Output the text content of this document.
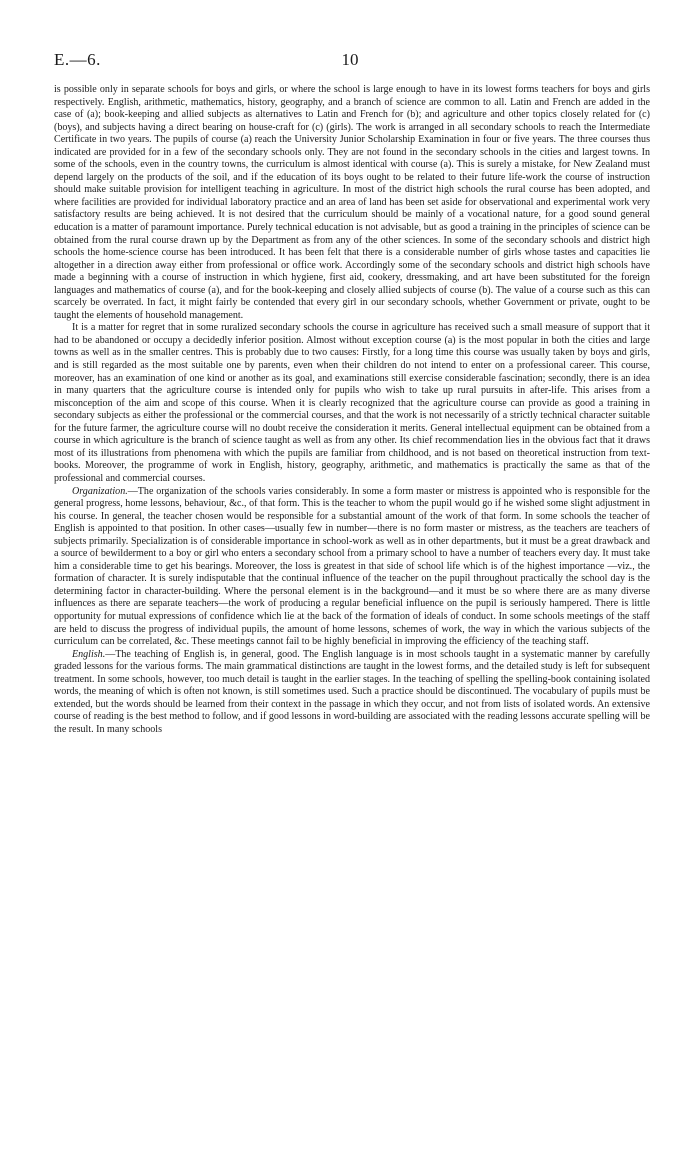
E.—6.	10

is possible only in separate schools for boys and girls, or where the school is large enough to have in its lowest forms teachers for boys and girls respectively. English, arithmetic, mathematics, history, geography, and a branch of science are common to all. Latin and French are added in the case of (a); book-keeping and allied subjects as alternatives to Latin and French for (b); and agriculture and other topics closely related for (c) (boys), and subjects having a direct bearing on house-craft for (c) (girls). The work is arranged in all secondary schools to reach the Intermediate Certificate in two years. The pupils of course (a) reach the University Junior Scholarship Examination in four or five years. The three courses thus indicated are provided for in a few of the secondary schools only. They are not found in the secondary schools in the cities and largest towns. In some of the schools, even in the country towns, the curriculum is almost identical with course (a). This is surely a mistake, for New Zealand must depend largely on the products of the soil, and if the education of its boys ought to be related to their future life-work the course of instruction should make suitable provision for intelligent teaching in agriculture. In most of the district high schools the rural course has been adopted, and where facilities are provided for individual laboratory practice and an area of land has been set aside for observational and experimental work very satisfactory results are being achieved. It is not desired that the curriculum should be mainly of a vocational nature, for a good sound general education is a matter of paramount importance. Purely technical education is not advisable, but as good a training in the principles of science can be obtained from the rural course drawn up by the Department as from any of the other sciences. In some of the secondary schools and district high schools the home-science course has been introduced. It has been felt that there is a considerable number of girls whose tastes and capacities lie altogether in a direction away either from professional or office work. Accordingly some of the secondary schools and district high schools have made a beginning with a course of instruction in which hygiene, first aid, cookery, dressmaking, and art have been substituted for the foreign languages and mathematics of course (a), and for the book-keeping and closely allied subjects of course (b). The value of a course such as this can scarcely be overrated. In fact, it might fairly be contended that every girl in our secondary schools, whether Government or private, ought to be taught the elements of household management.

It is a matter for regret that in some ruralized secondary schools the course in agriculture has received such a small measure of support that it had to be abandoned or occupy a decidedly inferior position. Almost without exception course (a) is the most popular in both the cities and large towns as well as in the smaller centres. This is probably due to two causes: Firstly, for a long time this course was usually taken by boys and girls, and is still regarded as the most suitable one by parents, even when their children do not intend to enter on a professional career. This course, moreover, has an examination of one kind or another as its goal, and examinations still exercise considerable fascination; secondly, there is an idea in many quarters that the agriculture course is intended only for pupils who wish to take up rural pursuits in after-life. This arises from a misconception of the aim and scope of this course. When it is clearly recognized that the agriculture course can provide as good a training in secondary subjects as either the professional or the commercial courses, and that the work is not necessarily of a strictly technical character suitable for the future farmer, the agriculture course will no doubt receive the consideration it merits. General intellectual equipment can be obtained from a course in which agriculture is the branch of science taught as well as from any other. Its chief recommendation lies in the obvious fact that it draws most of its illustrations from phenomena with which the pupils are familiar from childhood, and is not based on theoretical instruction from text-books. Moreover, the programme of work in English, history, geography, arithmetic, and mathematics is practically the same as that of the professional and commercial courses.

Organization.—The organization of the schools varies considerably. In some a form master or mistress is appointed who is responsible for the general progress, home lessons, behaviour, &c., of that form. This is the teacher to whom the pupil would go if he wished some slight adjustment in his course. In general, the teacher chosen would be responsible for a substantial amount of the work of that form. In some schools the teacher of English is appointed to that position. In other cases—usually few in number—there is no form master or mistress, as the teachers are teachers of subjects primarily. Specialization is of considerable importance in school-work as well as in other departments, but it must be a great drawback and a source of bewilderment to a boy or girl who enters a secondary school from a primary school to have a number of teachers every day. It must take him a considerable time to get his bearings. Moreover, the loss is greatest in that side of school life which is of the highest importance —viz., the formation of character. It is surely indisputable that the continual influence of the teacher on the pupil throughout practically the school day is the determining factor in character-building. Where the personal element is in the background—and it must be so where there are as many diverse influences as there are separate teachers—the work of producing a regular beneficial influence on the pupil is seriously hampered. There is little opportunity for mutual expressions of confidence which lie at the back of the formation of ideals of conduct. In some schools meetings of the staff are held to discuss the progress of individual pupils, the amount of home lessons, schemes of work, the way in which the various subjects of the curriculum can be correlated, &c. These meetings cannot fail to be highly beneficial in improving the efficiency of the teaching staff.

English.—The teaching of English is, in general, good. The English language is in most schools taught in a systematic manner by carefully graded lessons for the various forms. The main grammatical distinctions are taught in the lowest forms, and the detailed study is left for subsequent treatment. In some schools, however, too much detail is taught in the earlier stages. In the teaching of spelling the spelling-book containing isolated words, the meaning of which is often not known, is still sometimes used. Such a practice should be discontinued. The vocabulary of pupils must be extended, but the words should be learned from their context in the passage in which they occur, and not from lists of isolated words. An extensive course of reading is the best method to follow, and if good lessons in word-building are associated with the reading lessons accurate spelling will be the result. In many schools
